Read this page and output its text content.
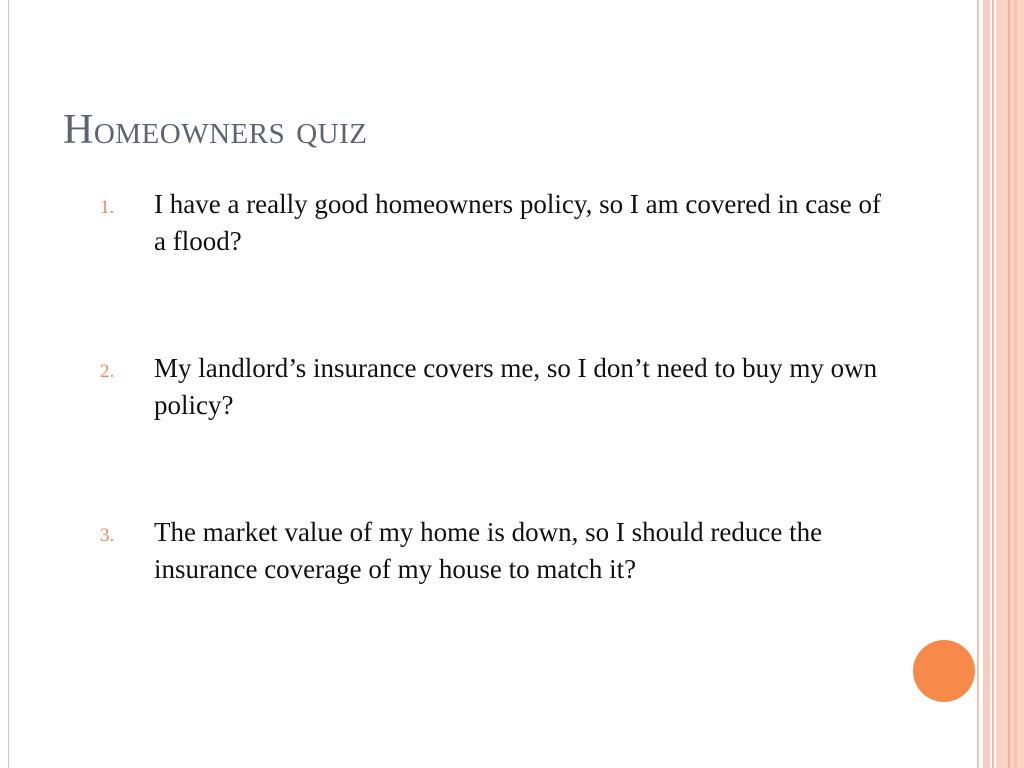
Homeowners quiz
1.	I have a really good homeowners policy, so I am covered in case of a flood?
2.	My landlord’s insurance covers me, so I don’t need to buy my own policy?
3.	The market value of my home is down, so I should reduce the insurance coverage of my house to match it?
